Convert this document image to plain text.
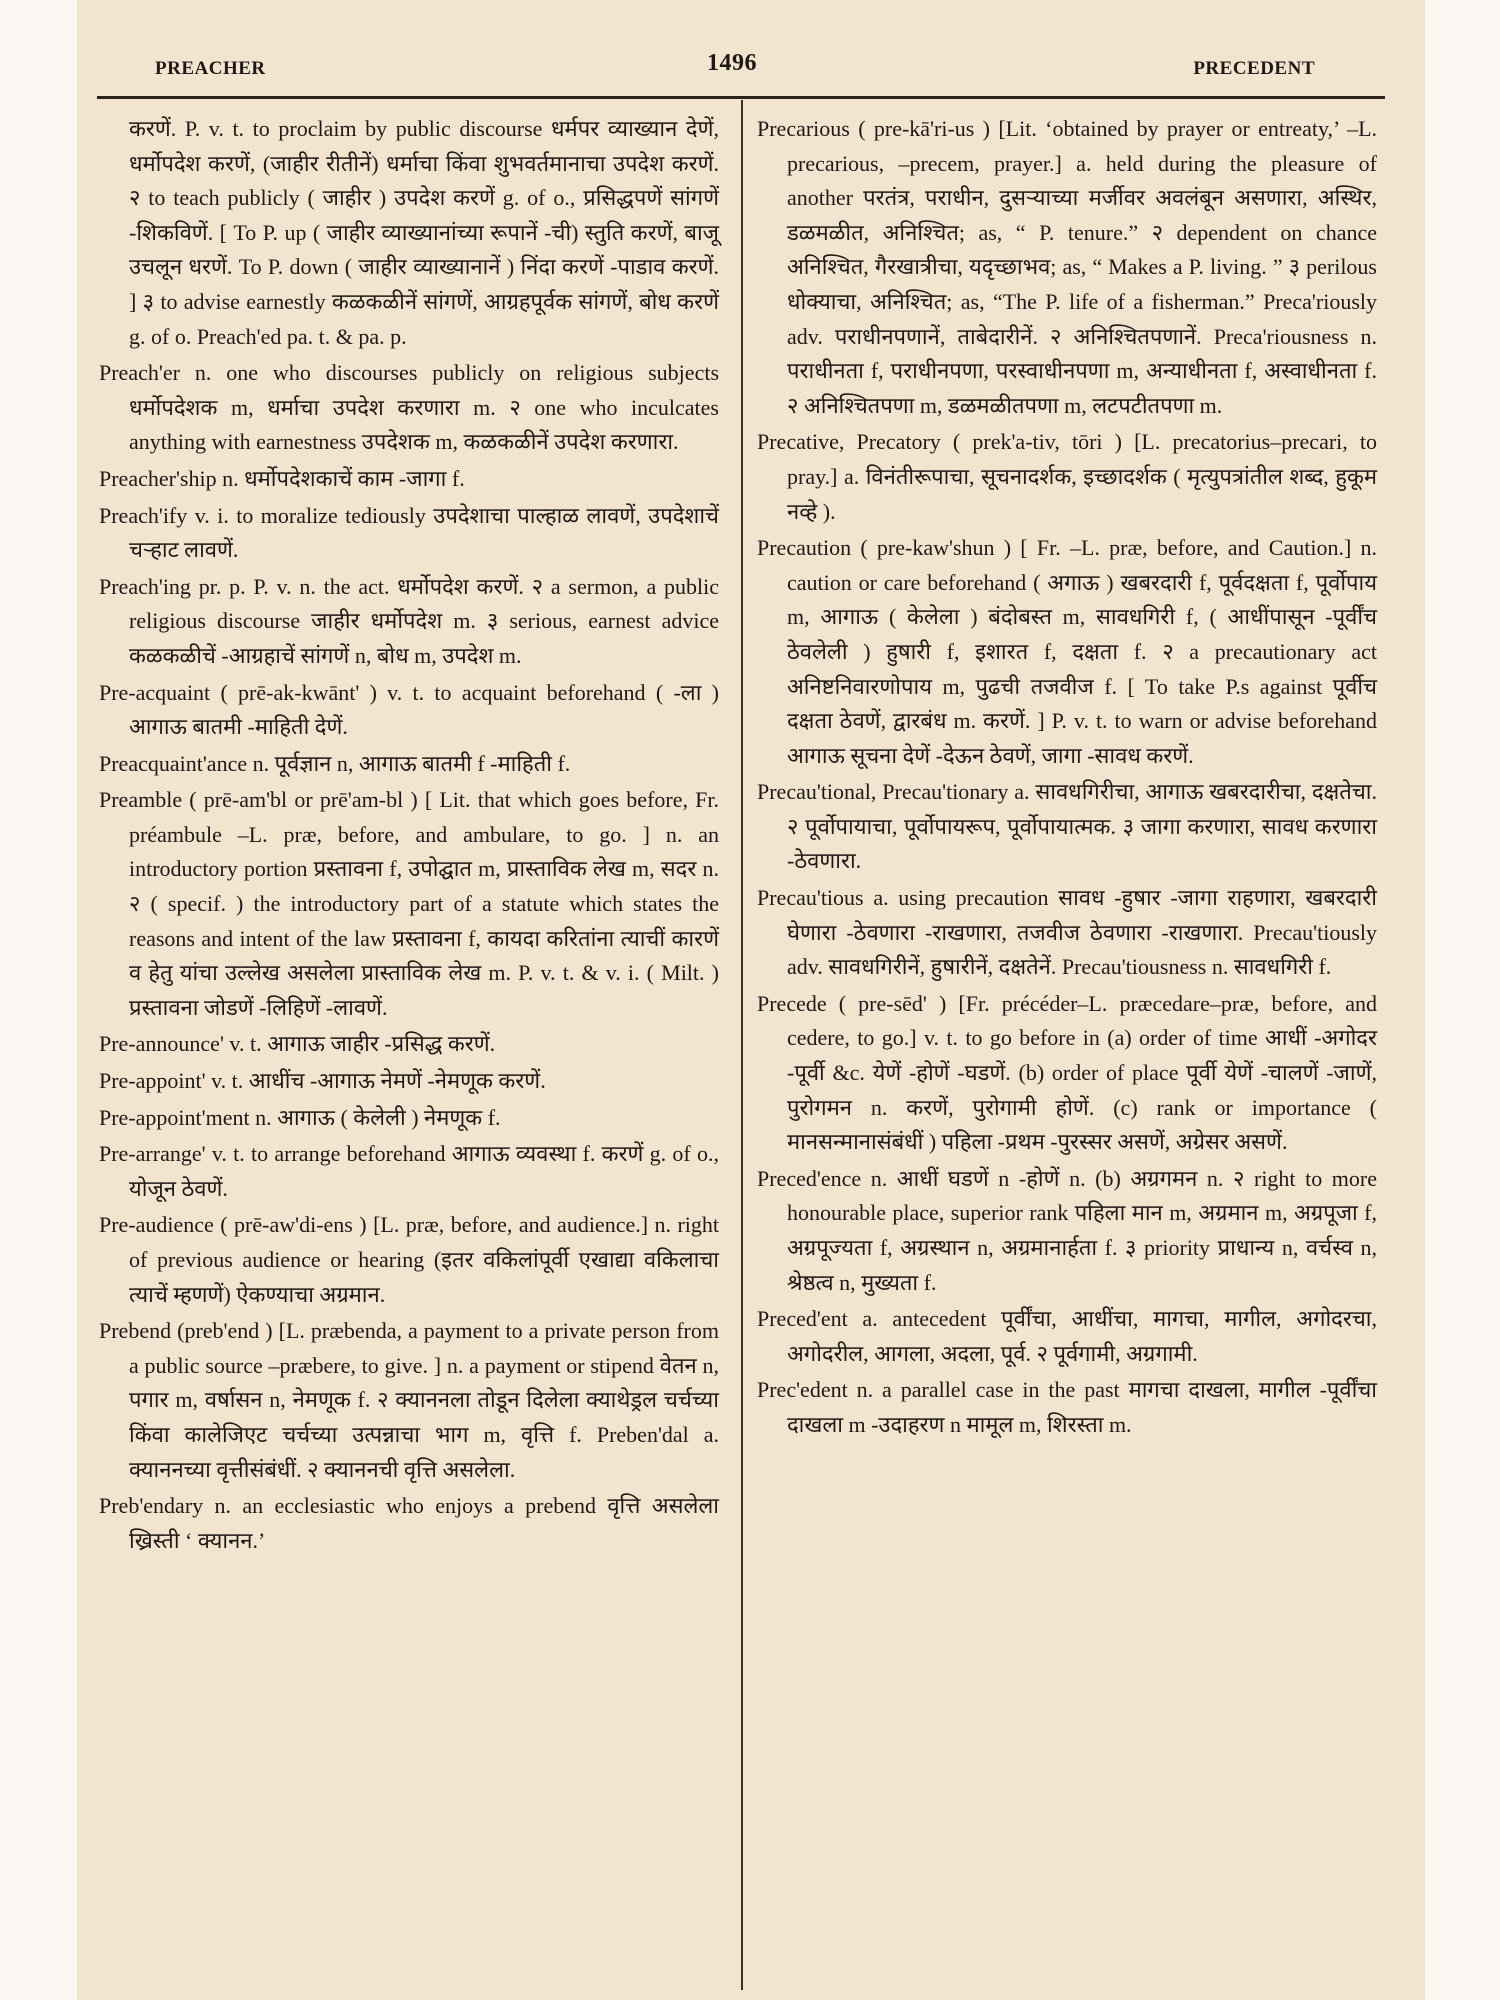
PREACHER	1496	PRECEDENT

करणें. P. v. t. to proclaim by public discourse धर्मपर व्याख्यान देणें, धर्मोपदेश करणें, (जाहीर रीतीनें) धर्माचा किंवा शुभवर्तमानाचा उपदेश करणें. २ to teach publicly ( जाहीर ) उपदेश करणें g. of o., प्रसिद्धपणें सांगणें -शिकविणें. [ To P. up ( जाहीर व्याख्यानांच्या रूपानें -ची) स्तुति करणें, बाजू उचलून धरणें. To P. down ( जाहीर व्याख्यानानें ) निंदा करणें -पाडाव करणें. ] ३ to advise earnestly कळकळीनें सांगणें, आग्रहपूर्वक सांगणें, बोध करणें g. of o. Preach'ed pa. t. & pa. p.

Preach'er n. one who discourses publicly on religious subjects धर्मोपदेशक m, धर्माचा उपदेश करणारा m. २ one who inculcates anything with earnestness उपदेशक m, कळकळीनें उपदेश करणारा.

Preacher'ship n. धर्मोपदेशकाचें काम -जागा f.

Preach'ify v. i. to moralize tediously उपदेशाचा पाल्हाळ लावणें, उपदेशाचें चऱ्हाट लावणें.

Preach'ing pr. p. P. v. n. the act. धर्मोपदेश करणें. २ a sermon, a public religious discourse जाहीर धर्मोपदेश m. ३ serious, earnest advice कळकळीचें -आग्रहाचें सांगणें n, बोध m, उपदेश m.

Pre-acquaint ( prē-ak-kwānt' ) v. t. to acquaint beforehand ( -ला ) आगाऊ बातमी -माहिती देणें.

Preacquaint'ance n. पूर्वज्ञान n, आगाऊ बातमी f -माहिती f.

Preamble ( prē-am'bl or prē'am-bl ) [ Lit. that which goes before, Fr. préambule –L. præ, before, and ambulare, to go. ] n. an introductory portion प्रस्तावना f, उपोद्घात m, प्रास्ताविक लेख m, सदर n. २ ( specif. ) the introductory part of a statute which states the reasons and intent of the law प्रस्तावना f, कायदा करितांना त्याचीं कारणें व हेतु यांचा उल्लेख असलेला प्रास्ताविक लेख m. P. v. t. & v. i. ( Milt. ) प्रस्तावना जोडणें -लिहिणें -लावणें.

Pre-announce' v. t. आगाऊ जाहीर -प्रसिद्ध करणें.

Pre-appoint' v. t. आधींच -आगाऊ नेमणें -नेमणूक करणें.

Pre-appoint'ment n. आगाऊ ( केलेली ) नेमणूक f.

Pre-arrange' v. t. to arrange beforehand आगाऊ व्यवस्था f. करणें g. of o., योजून ठेवणें.

Pre-audience ( prē-aw'di-ens ) [L. præ, before, and audience.] n. right of previous audience or hearing (इतर वकिलांपूर्वी एखाद्या वकिलाचा त्याचें म्हणणें) ऐकण्याचा अग्रमान.

Prebend (preb'end ) [L. præbenda, a payment to a private person from a public source –præbere, to give. ] n. a payment or stipend वेतन n, पगार m, वर्षासन n, नेमणूक f. २ क्याननला तोडून दिलेला क्याथेड्रल चर्चच्या किंवा कालेजिएट चर्चच्या उत्पन्नाचा भाग m, वृत्ति f. Preben'dal a. क्याननच्या वृत्तीसंबंधीं. २ क्याननची वृत्ति असलेला.

Preb'endary n. an ecclesiastic who enjoys a prebend वृत्ति असलेला ख्रिस्ती ‘ क्यानन.’

Precarious ( pre-kā'ri-us ) [Lit. ‘obtained by prayer or entreaty,’ –L. precarious, –precem, prayer.] a. held during the pleasure of another परतंत्र, पराधीन, दुसऱ्याच्या मर्जीवर अवलंबून असणारा, अस्थिर, डळमळीत, अनिश्चित; as, “ P. tenure.” २ dependent on chance अनिश्चित, गैरखात्रीचा, यदृच्छाभव; as, “ Makes a P. living. ” ३ perilous धोक्याचा, अनिश्चित; as, “The P. life of a fisherman.” Preca'riously adv. पराधीनपणानें, ताबेदारीनें. २ अनिश्चितपणानें. Preca'riousness n. पराधीनता f, पराधीनपणा, परस्वाधीनपणा m, अन्याधीनता f, अस्वाधीनता f. २ अनिश्चितपणा m, डळमळीतपणा m, लटपटीतपणा m.

Precative, Precatory ( prek'a-tiv, tōri ) [L. precatorius–precari, to pray.] a. विनंतीरूपाचा, सूचनादर्शक, इच्छादर्शक ( मृत्युपत्रांतील शब्द, हुकूम नव्हे ).

Precaution ( pre-kaw'shun ) [ Fr. –L. præ, before, and Caution.] n. caution or care beforehand ( अगाऊ ) खबरदारी f, पूर्वदक्षता f, पूर्वोपाय m, आगाऊ ( केलेला ) बंदोबस्त m, सावधगिरी f, ( आधींपासून -पूर्वींच ठेवलेली ) हुषारी f, इशारत f, दक्षता f. २ a precautionary act अनिष्टनिवारणोपाय m, पुढची तजवीज f. [ To take P.s against पूर्वीच दक्षता ठेवणें, द्वारबंध m. करणें. ] P. v. t. to warn or advise beforehand आगाऊ सूचना देणें -देऊन ठेवणें, जागा -सावध करणें.

Precau'tional, Precau'tionary a. सावधगिरीचा, आगाऊ खबरदारीचा, दक्षतेचा. २ पूर्वोपायाचा, पूर्वोपायरूप, पूर्वोपायात्मक. ३ जागा करणारा, सावध करणारा -ठेवणारा.

Precau'tious a. using precaution सावध -हुषार -जागा राहणारा, खबरदारी घेणारा -ठेवणारा -राखणारा, तजवीज ठेवणारा -राखणारा. Precau'tiously adv. सावधगिरीनें, हुषारीनें, दक्षतेनें. Precau'tiousness n. सावधगिरी f.

Precede ( pre-sēd' ) [Fr. précéder–L. præcedare–præ, before, and cedere, to go.] v. t. to go before in (a) order of time आधीं -अगोदर -पूर्वी &c. येणें -होणें -घडणें. (b) order of place पूर्वी येणें -चालणें -जाणें, पुरोगमन n. करणें, पुरोगामी होणें. (c) rank or importance ( मानसन्मानासंबंधीं ) पहिला -प्रथम -पुरस्सर असणें, अग्रेसर असणें.

Preced'ence n. आधीं घडणें n -होणें n. (b) अग्रगमन n. २ right to more honourable place, superior rank पहिला मान m, अग्रमान m, अग्रपूजा f, अग्रपूज्यता f, अग्रस्थान n, अग्रमानार्हता f. ३ priority प्राधान्य n, वर्चस्व n, श्रेष्ठत्व n, मुख्यता f.

Preced'ent a. antecedent पूर्वींचा, आधींचा, मागचा, मागील, अगोदरचा, अगोदरील, आगला, अदला, पूर्व. २ पूर्वगामी, अग्रगामी.

Prec'edent n. a parallel case in the past मागचा दाखला, मागील -पूर्वींचा दाखला m -उदाहरण n मामूल m, शिरस्ता m.
